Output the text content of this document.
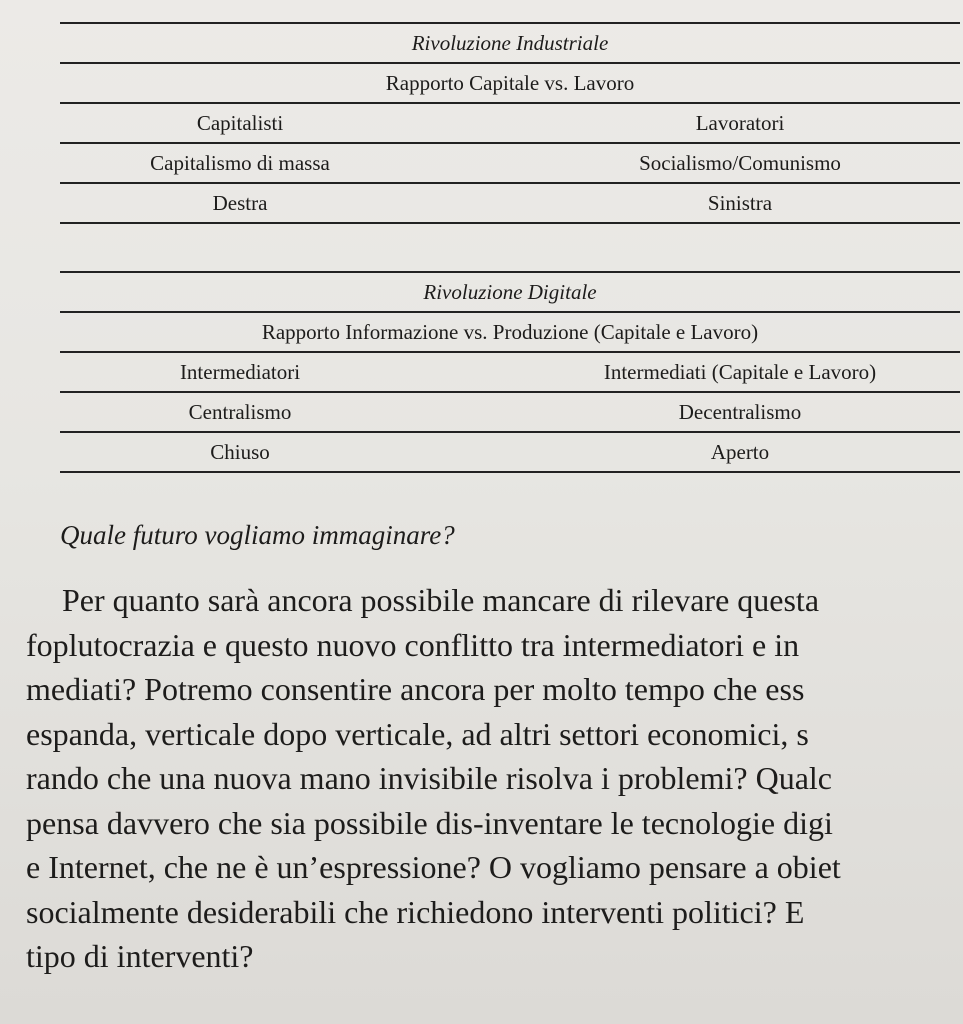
Rivoluzione Industriale
Rapporto Capitale vs. Lavoro
Capitalisti	Lavoratori
Capitalismo di massa	Socialismo/Comunismo
Destra	Sinistra
Rivoluzione Digitale
Rapporto Informazione vs. Produzione (Capitale e Lavoro)
Intermediatori	Intermediati (Capitale e Lavoro)
Centralismo	Decentralismo
Chiuso	Aperto
Quale futuro vogliamo immaginare?
Per quanto sarà ancora possibile mancare di rilevare questa
foplutocrazia e questo nuovo conflitto tra intermediatori e in
mediati? Potremo consentire ancora per molto tempo che ess
espanda, verticale dopo verticale, ad altri settori economici, s
rando che una nuova mano invisibile risolva i problemi? Qualc
pensa davvero che sia possibile dis-inventare le tecnologie digi
e Internet, che ne è un’espressione? O vogliamo pensare a obiet
socialmente desiderabili che richiedono interventi politici? E
tipo di interventi?
